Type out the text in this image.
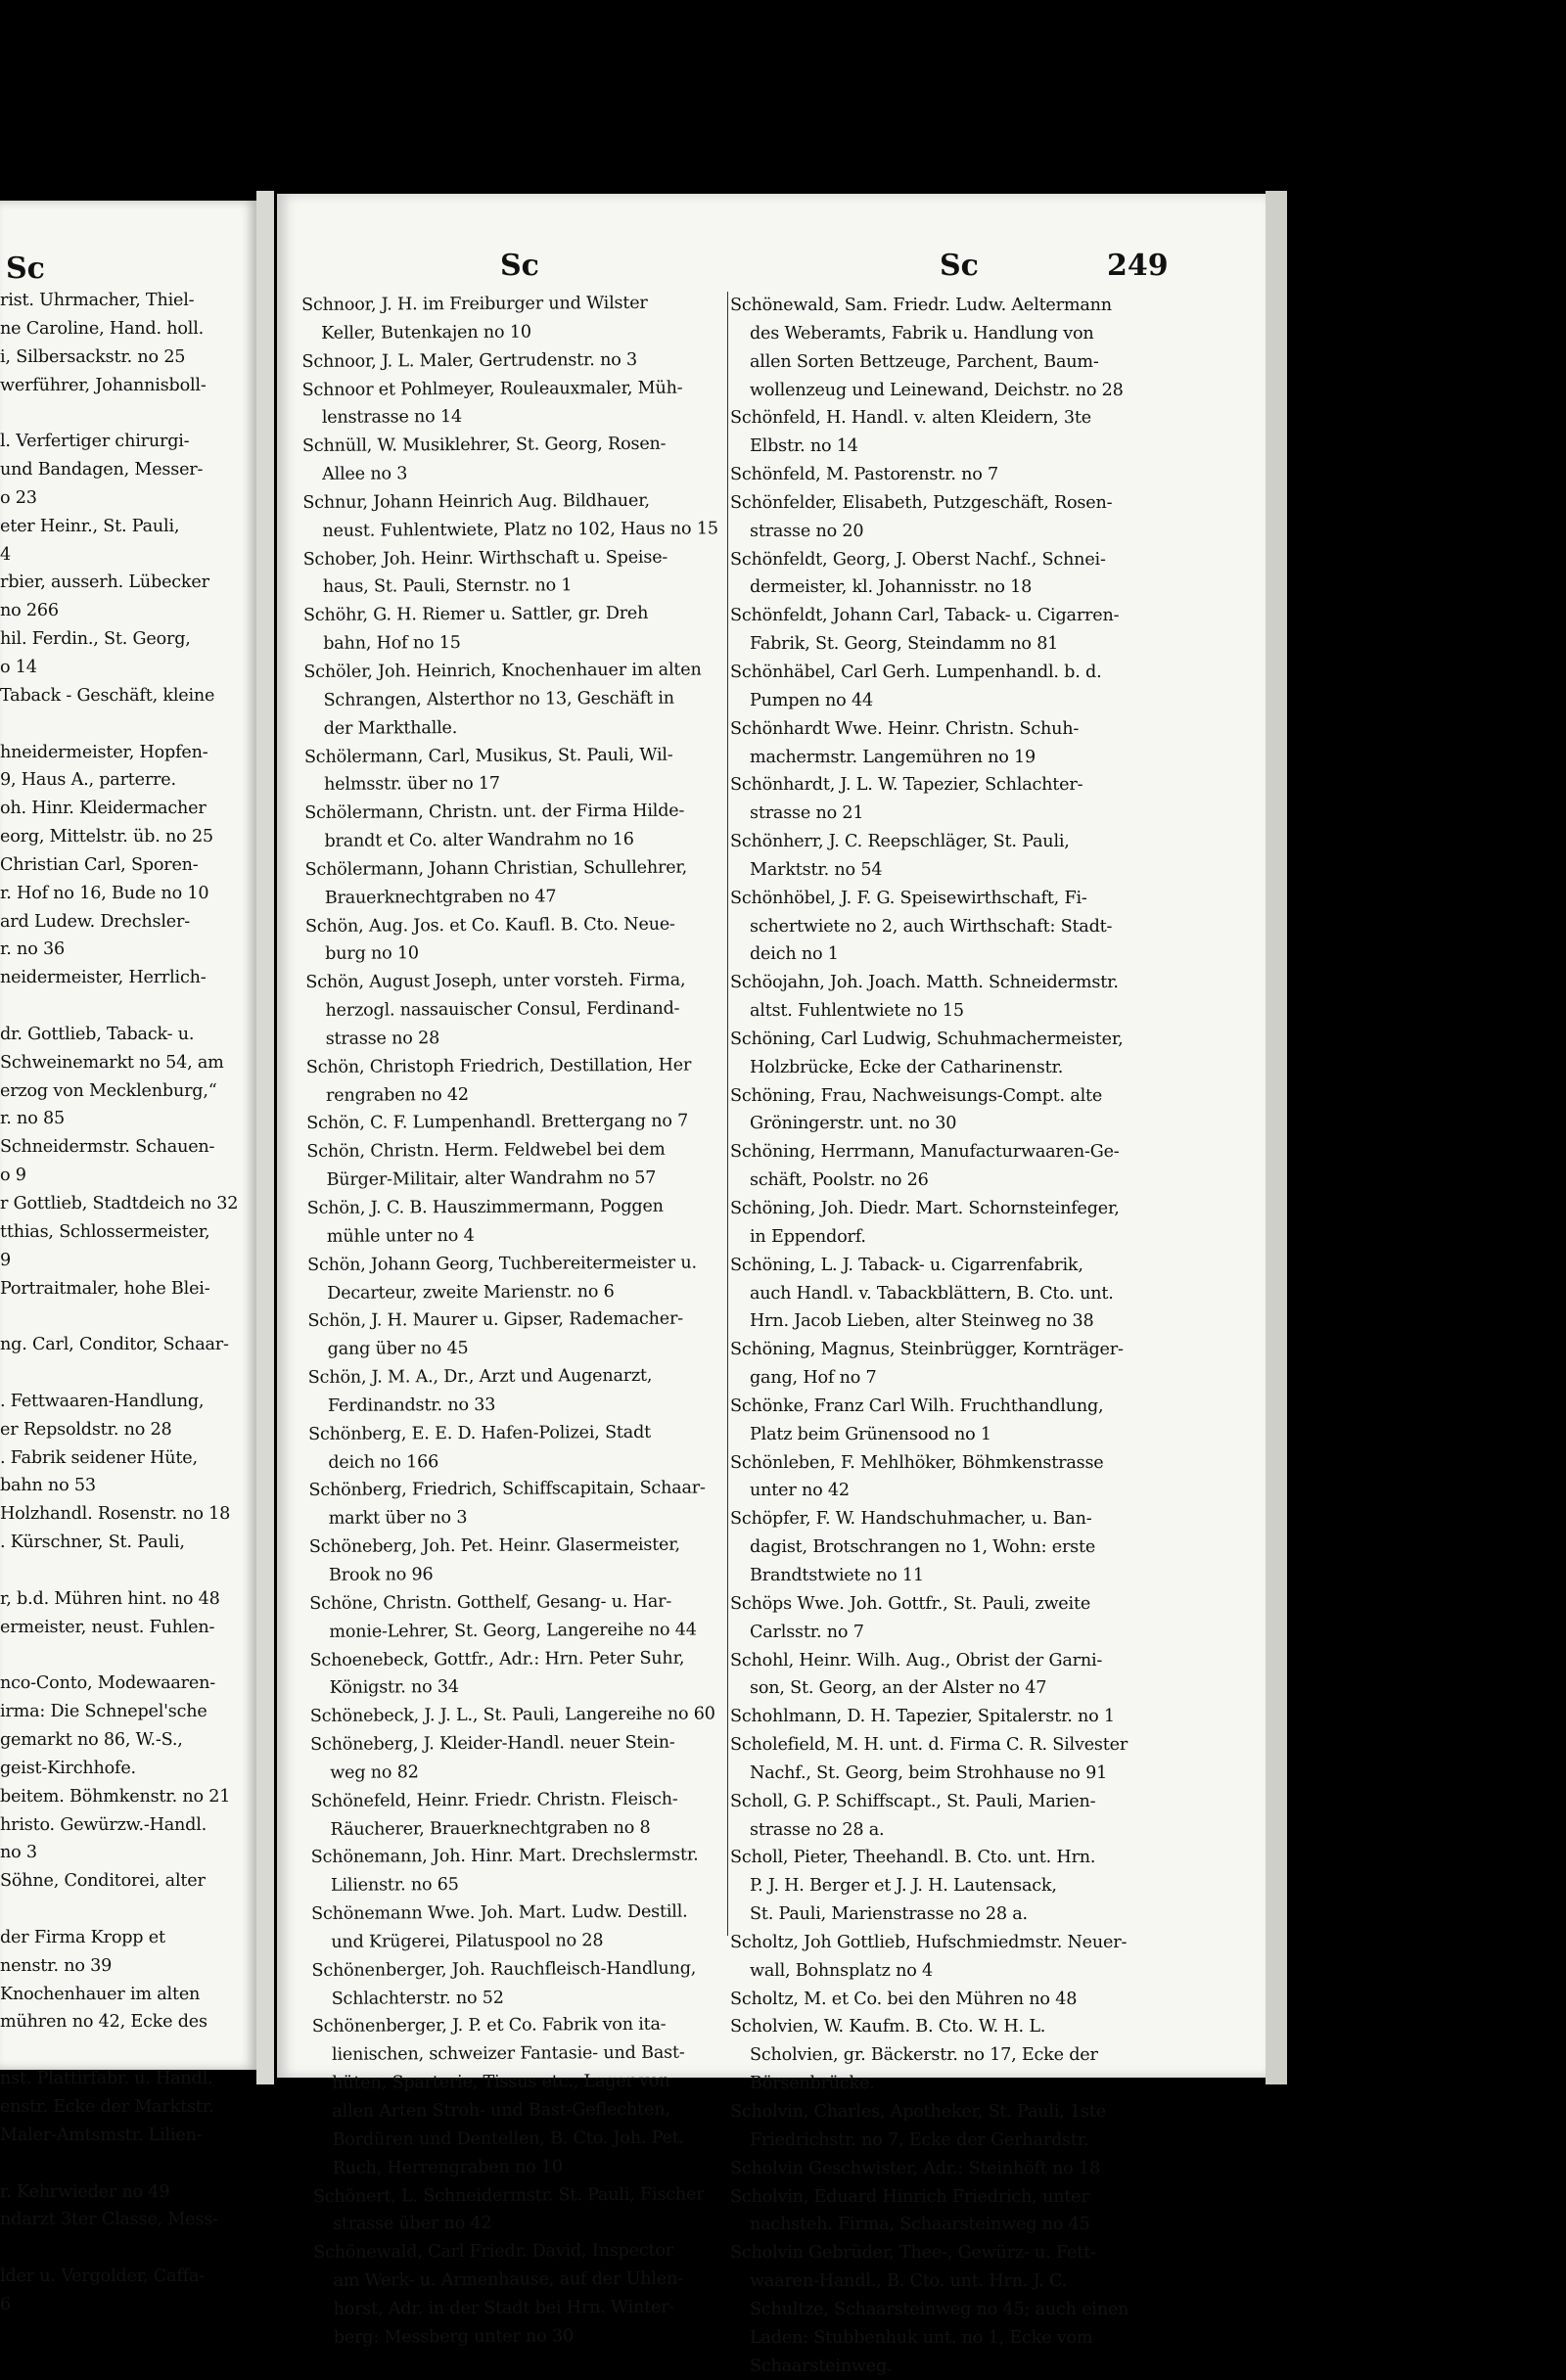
Sc
rist. Uhrmacher, Thiel-
ne Caroline, Hand. holl.
i, Silbersackstr. no 25
werführer, Johannisboll-

l. Verfertiger chirurgi-
und Bandagen, Messer-
o 23
eter Heinr., St. Pauli,
4
rbier, ausserh. Lübecker
no 266
hil. Ferdin., St. Georg,
o 14
Taback - Geschäft, kleine

hneidermeister, Hopfen-
9, Haus A., parterre.
oh. Hinr. Kleidermacher
eorg, Mittelstr. üb. no 25
Christian Carl, Sporen-
r. Hof no 16, Bude no 10
ard Ludew. Drechsler-
r. no 36
neidermeister, Herrlich-

dr. Gottlieb, Taback- u.
Schweinemarkt no 54, am
erzog von Mecklenburg,“
r. no 85
Schneidermstr. Schauen-
o 9
r Gottlieb, Stadtdeich no 32
tthias, Schlossermeister,
9
Portraitmaler, hohe Blei-

ng. Carl, Conditor, Schaar-

. Fettwaaren-Handlung,
er Repsoldstr. no 28
. Fabrik seidener Hüte,
bahn no 53
Holzhandl. Rosenstr. no 18
. Kürschner, St. Pauli,

r, b.d. Mühren hint. no 48
ermeister, neust. Fuhlen-

nco-Conto, Modewaaren-
irma: Die Schnepel'sche
gemarkt no 86, W.-S.,
geist-Kirchhofe.
beitem. Böhmkenstr. no 21
hristo. Gewürzw.-Handl.
no 3
Söhne, Conditorei, alter

der Firma Kropp et
nenstr. no 39
Knochenhauer im alten
mühren no 42, Ecke des

nst. Plattirfabr. u. Handl.
enstr. Ecke der Marktstr.
Maler-Amtsmstr. Lilien-

r. Kehrwieder no 49
ndarzt 3ter Classe, Mess-

lder u. Vergolder, Caffa-
6
Sc	Sc	249
Schnoor, J. H. im Freiburger und Wilster
Keller, Butenkajen no 10
Schnoor, J. L. Maler, Gertrudenstr. no 3
Schnoor et Pohlmeyer, Rouleauxmaler, Müh-
lenstrasse no 14
Schnüll, W. Musiklehrer, St. Georg, Rosen-
Allee no 3
Schnur, Johann Heinrich Aug. Bildhauer,
neust. Fuhlentwiete, Platz no 102, Haus no 15
Schober, Joh. Heinr. Wirthschaft u. Speise-
haus, St. Pauli, Sternstr. no 1
Schöhr, G. H. Riemer u. Sattler, gr. Dreh
bahn, Hof no 15
Schöler, Joh. Heinrich, Knochenhauer im alten
Schrangen, Alsterthor no 13, Geschäft in
der Markthalle.
Schölermann, Carl, Musikus, St. Pauli, Wil-
helmsstr. über no 17
Schölermann, Christn. unt. der Firma Hilde-
brandt et Co. alter Wandrahm no 16
Schölermann, Johann Christian, Schullehrer,
Brauerknechtgraben no 47
Schön, Aug. Jos. et Co. Kaufl. B. Cto. Neue-
burg no 10
Schön, August Joseph, unter vorsteh. Firma,
herzogl. nassauischer Consul, Ferdinand-
strasse no 28
Schön, Christoph Friedrich, Destillation, Her
rengraben no 42
Schön, C. F. Lumpenhandl. Brettergang no 7
Schön, Christn. Herm. Feldwebel bei dem
Bürger-Militair, alter Wandrahm no 57
Schön, J. C. B. Hauszimmermann, Poggen
mühle unter no 4
Schön, Johann Georg, Tuchbereitermeister u.
Decarteur, zweite Marienstr. no 6
Schön, J. H. Maurer u. Gipser, Rademacher-
gang über no 45
Schön, J. M. A., Dr., Arzt und Augenarzt,
Ferdinandstr. no 33
Schönberg, E. E. D. Hafen-Polizei, Stadt
deich no 166
Schönberg, Friedrich, Schiffscapitain, Schaar-
markt über no 3
Schöneberg, Joh. Pet. Heinr. Glasermeister,
Brook no 96
Schöne, Christn. Gotthelf, Gesang- u. Har-
monie-Lehrer, St. Georg, Langereihe no 44
Schoenebeck, Gottfr., Adr.: Hrn. Peter Suhr,
Königstr. no 34
Schönebeck, J. J. L., St. Pauli, Langereihe no 60
Schöneberg, J. Kleider-Handl. neuer Stein-
weg no 82
Schönefeld, Heinr. Friedr. Christn. Fleisch-
Räucherer, Brauerknechtgraben no 8
Schönemann, Joh. Hinr. Mart. Drechslermstr.
Lilienstr. no 65
Schönemann Wwe. Joh. Mart. Ludw. Destill.
und Krügerei, Pilatuspool no 28
Schönenberger, Joh. Rauchfleisch-Handlung,
Schlachterstr. no 52
Schönenberger, J. P. et Co. Fabrik von ita-
lienischen, schweizer Fantasie- und Bast-
hüten, Sparterie, Tissus etc., Lager von
allen Arten Stroh- und Bast-Geflechten,
Bordüren und Dentellen, B. Cto. Joh. Pet.
Ruch, Herrengraben no 10
Schönert, L. Schneidermstr. St. Pauli, Fischer
strasse über no 42
Schönewald, Carl Friedr. David, Inspector
am Werk- u. Armenhause, auf der Uhlen-
horst, Adr. in der Stadt bei Hrn. Winter-
berg: Messberg unter no 30
Schönewald, Sam. Friedr. Ludw. Aeltermann
des Weberamts, Fabrik u. Handlung von
allen Sorten Bettzeuge, Parchent, Baum-
wollenzeug und Leinewand, Deichstr. no 28
Schönfeld, H. Handl. v. alten Kleidern, 3te
Elbstr. no 14
Schönfeld, M. Pastorenstr. no 7
Schönfelder, Elisabeth, Putzgeschäft, Rosen-
strasse no 20
Schönfeldt, Georg, J. Oberst Nachf., Schnei-
dermeister, kl. Johannisstr. no 18
Schönfeldt, Johann Carl, Taback- u. Cigarren-
Fabrik, St. Georg, Steindamm no 81
Schönhäbel, Carl Gerh. Lumpenhandl. b. d.
Pumpen no 44
Schönhardt Wwe. Heinr. Christn. Schuh-
machermstr. Langemühren no 19
Schönhardt, J. L. W. Tapezier, Schlachter-
strasse no 21
Schönherr, J. C. Reepschläger, St. Pauli,
Marktstr. no 54
Schönhöbel, J. F. G. Speisewirthschaft, Fi-
schertwiete no 2, auch Wirthschaft: Stadt-
deich no 1
Schöojahn, Joh. Joach. Matth. Schneidermstr.
altst. Fuhlentwiete no 15
Schöning, Carl Ludwig, Schuhmachermeister,
Holzbrücke, Ecke der Catharinenstr.
Schöning, Frau, Nachweisungs-Compt. alte
Gröningerstr. unt. no 30
Schöning, Herrmann, Manufacturwaaren-Ge-
schäft, Poolstr. no 26
Schöning, Joh. Diedr. Mart. Schornsteinfeger,
in Eppendorf.
Schöning, L. J. Taback- u. Cigarrenfabrik,
auch Handl. v. Tabackblättern, B. Cto. unt.
Hrn. Jacob Lieben, alter Steinweg no 38
Schöning, Magnus, Steinbrügger, Kornträger-
gang, Hof no 7
Schönke, Franz Carl Wilh. Fruchthandlung,
Platz beim Grünensood no 1
Schönleben, F. Mehlhöker, Böhmkenstrasse
unter no 42
Schöpfer, F. W. Handschuhmacher, u. Ban-
dagist, Brotschrangen no 1, Wohn: erste
Brandtstwiete no 11
Schöps Wwe. Joh. Gottfr., St. Pauli, zweite
Carlsstr. no 7
Schohl, Heinr. Wilh. Aug., Obrist der Garni-
son, St. Georg, an der Alster no 47
Schohlmann, D. H. Tapezier, Spitalerstr. no 1
Scholefield, M. H. unt. d. Firma C. R. Silvester
Nachf., St. Georg, beim Strohhause no 91
Scholl, G. P. Schiffscapt., St. Pauli, Marien-
strasse no 28 a.
Scholl, Pieter, Theehandl. B. Cto. unt. Hrn.
P. J. H. Berger et J. J. H. Lautensack,
St. Pauli, Marienstrasse no 28 a.
Scholtz, Joh Gottlieb, Hufschmiedmstr. Neuer-
wall, Bohnsplatz no 4
Scholtz, M. et Co. bei den Mühren no 48
Scholvien, W. Kaufm. B. Cto. W. H. L.
Scholvien, gr. Bäckerstr. no 17, Ecke der
Börsenbrücke.
Scholvin, Charles, Apotheker, St. Pauli, 1ste
Friedrichstr. no 7, Ecke der Gerhardstr.
Scholvin Geschwister, Adr.: Steinhöft no 18
Scholvin, Eduard Hinrich Friedrich, unter
nachsteh. Firma, Schaarsteinweg no 45
Scholvin Gebrüder, Thee-, Gewürz- u. Fett-
waaren-Handl., B. Cto. unt. Hrn. J. C.
Schultze, Schaarsteinweg no 45; auch einen
Laden: Stubbenhuk unt. no 1, Ecke vom
Schaarsteinweg.
